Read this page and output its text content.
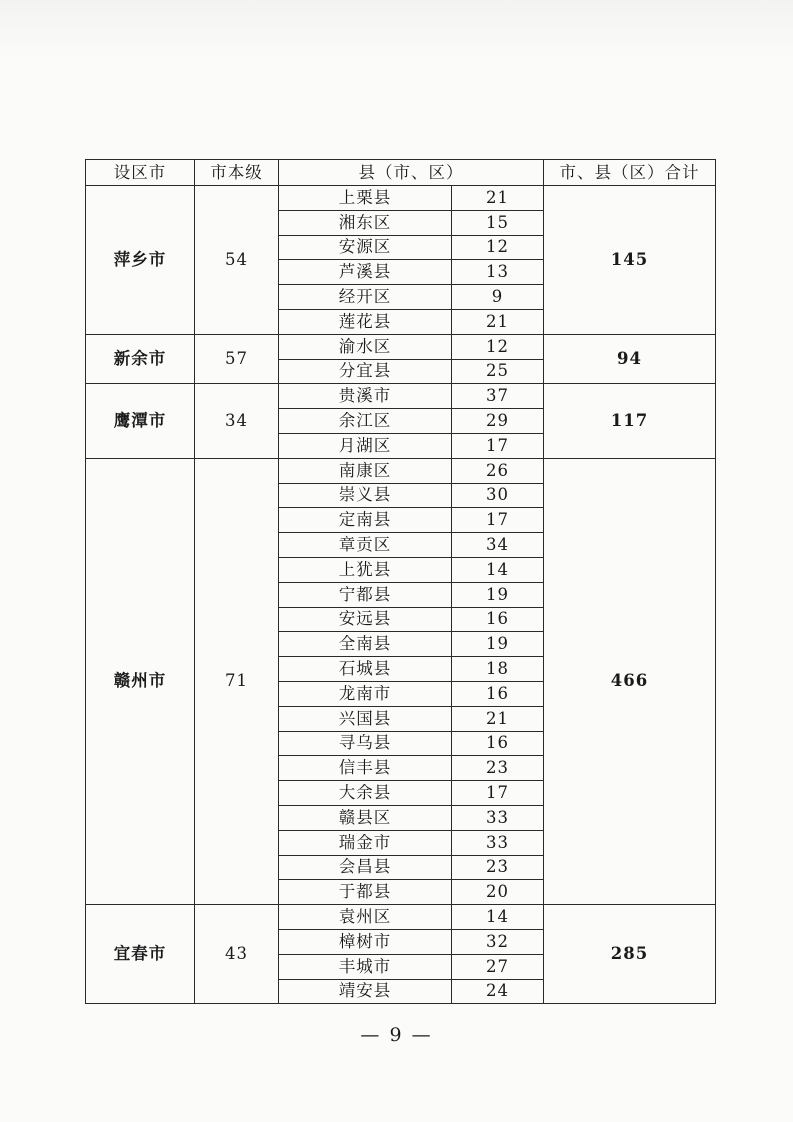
设区市	市本级	县（市、区）		市、县（区）合计
萍乡市	54	上栗县	21	145
		湘东区	15	
		安源区	12	
		芦溪县	13	
		经开区	9	
		莲花县	21	
新余市	57	渝水区	12	94
		分宜县	25	
鹰潭市	34	贵溪市	37	117
		余江区	29	
		月湖区	17	
赣州市	71	南康区	26	466
		崇义县	30	
		定南县	17	
		章贡区	34	
		上犹县	14	
		宁都县	19	
		安远县	16	
		全南县	19	
		石城县	18	
		龙南市	16	
		兴国县	21	
		寻乌县	16	
		信丰县	23	
		大余县	17	
		赣县区	33	
		瑞金市	33	
		会昌县	23	
		于都县	20	
宜春市	43	袁州区	14	285
		樟树市	32	
		丰城市	27	
		靖安县	24	
— 9 —
